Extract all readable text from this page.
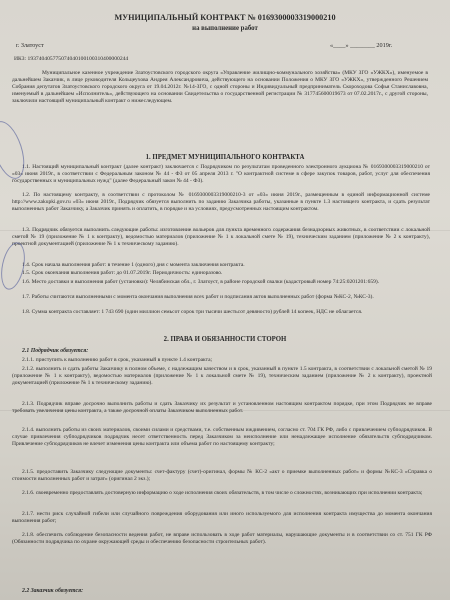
МУНИЦИПАЛЬНЫЙ КОНТРАКТ № 0169300003319000210
на выполнение работ
г. Златоуст	«____» ________ 2019г.
ИКЗ: 193740405775074040100100310400000244
Муниципальное казенное учреждение Златоустовского городского округа «Управление жилищно-коммунального хозяйства» (МКУ ЗГО «УЖКХ»), именуемое в дальнейшем Заказчик, в лице руководителя Кольцеухова Андрея Александровича, действующего на основании Положения о МКУ ЗГО «УЖКХ», утвержденного Решением Собрания депутатов Златоустовского городского округа от 19.04.2012г. №14-ЗГО, с одной стороны и Индивидуальный предприниматель Скороходова Софья Станиславовна, именуемый в дальнейшем «Исполнитель», действующего на основании Свидетельства о государственной регистрации № 317745600019673 от 07.02.2017г., с другой стороны, заключили настоящий муниципальный контракт о нижеследующем.
1. ПРЕДМЕТ МУНИЦИПАЛЬНОГО КОНТРАКТА
1.1. Настоящий муниципальный контракт (далее контракт) заключается с Подрядчиком по результатам проведенного электронного аукциона № 0169300003319000210 от «03» июня 2019г., в соответствии с Федеральным законом № 44 - ФЗ от 05 апреля 2013 г. "О контрактной системе в сфере закупок товаров, работ, услуг для обеспечения государственных и муниципальных нужд" (далее Федеральный закон № 44 - ФЗ).
1.2. По настоящему контракту, в соответствии с протоколом № 0169300003319000210-3 от «03» июня 2019г., размещенным в единой информационной системе http://www.zakupki.gov.ru «03» июня 2019г., Подрядчик обязуется выполнить по заданию Заказчика работы, указанные в пункте 1.3 настоящего контракта, и сдать результат выполненных работ Заказчику, а Заказчик принять и оплатить, в порядке и на условиях, предусмотренных настоящим контрактом.
1.3. Подрядчик обязуется выполнить следующие работы: изготовление вольеров для пункта временного содержания безнадзорных животных, в соответствии с локальной сметой № 19 (приложение № 1 к контракту), ведомостью материалов (приложение № 1 к локальной смете № 19), техническим заданием (приложение № 2 к контракту), проектной документацией (приложение № 1 к техническому заданию).
1.4. Срок начала выполнения работ: в течение 1 (одного) дня с момента заключения контракта.
1.5. Срок окончания выполнения работ: до 01.07.2019г. Периодичность: единоразово.
1.6. Место доставки и выполнения работ (установки): Челябинская обл., г. Златоуст, в районе городской свалки (кадастровый номер 74:25:0201201:659).
1.7. Работы считаются выполненными с момента окончания выполнения всех работ и подписания актов выполненных работ (форма №КС-2, №КС-3).
1.8. Сумма контракта составляет: 1 743 690 (один миллион семьсот сорок три тысячи шестьсот девяносто) рублей 14 копеек, НДС не облагается.
2. ПРАВА И ОБЯЗАННОСТИ СТОРОН
2.1 Подрядчик обязуется:
2.1.1. приступить к выполнению работ в срок, указанный в пункте 1.4 контракта;
2.1.2. выполнить и сдать работы Заказчику в полном объеме, с надлежащим качеством и в срок, указанный в пункте 1.5 контракта, в соответствии с локальной сметой № 19 (приложение № 1 к контракту), ведомостью материалов (приложение № 1 к локальной смете № 19), техническим заданием (приложение № 2 к контракту), проектной документацией (приложение № 1 к техническому заданию).
2.1.3. Подрядчик вправе досрочно выполнить работы и сдать Заказчику их результат и установленном настоящим контрактом порядке, при этом Подрядчик не вправе требовать увеличения цены контракта, а также досрочной оплаты Заказчиком выполненных работ.
2.1.4. выполнить работы из своих материалов, своими силами и средствами, т.е. собственным иждивением, согласно ст. 704 ГК РФ, либо с привлечением субподрядчиков. В случае привлечения субподрядчиков подрядчик несет ответственность перед Заказчиком за неисполнение или ненадлежащее исполнение обязательств субподрядчиком. Привлечение субподрядчиков не влечет изменения цены контракта или объема работ по настоящему контракту;
2.1.5. предоставить Заказчику следующие документы: счет-фактуру (счет)-оригинал, формы № КС-2 «акт о приемке выполненных работ» и формы №КС-3 «Справка о стоимости выполненных работ и затрат» (оригинал 2 экз.);
2.1.6. своевременно предоставлять достоверную информацию о ходе исполнения своих обязательств, в том числе о сложностях, возникающих при исполнении контракта;
2.1.7. нести риск случайной гибели или случайного повреждения оборудования или иного используемого для исполнения контракта имущества до момента окончания выполнения работ;
2.1.8. обеспечить соблюдение безопасности ведения работ, не вправе использовать в ходе работ материалы, нарушающие документы и в соответствии со ст. 751 ГК РФ (Обязанности подрядчика по охране окружающей среды и обеспечению безопасности строительных работ).
2.2 Заказчик обязуется:
